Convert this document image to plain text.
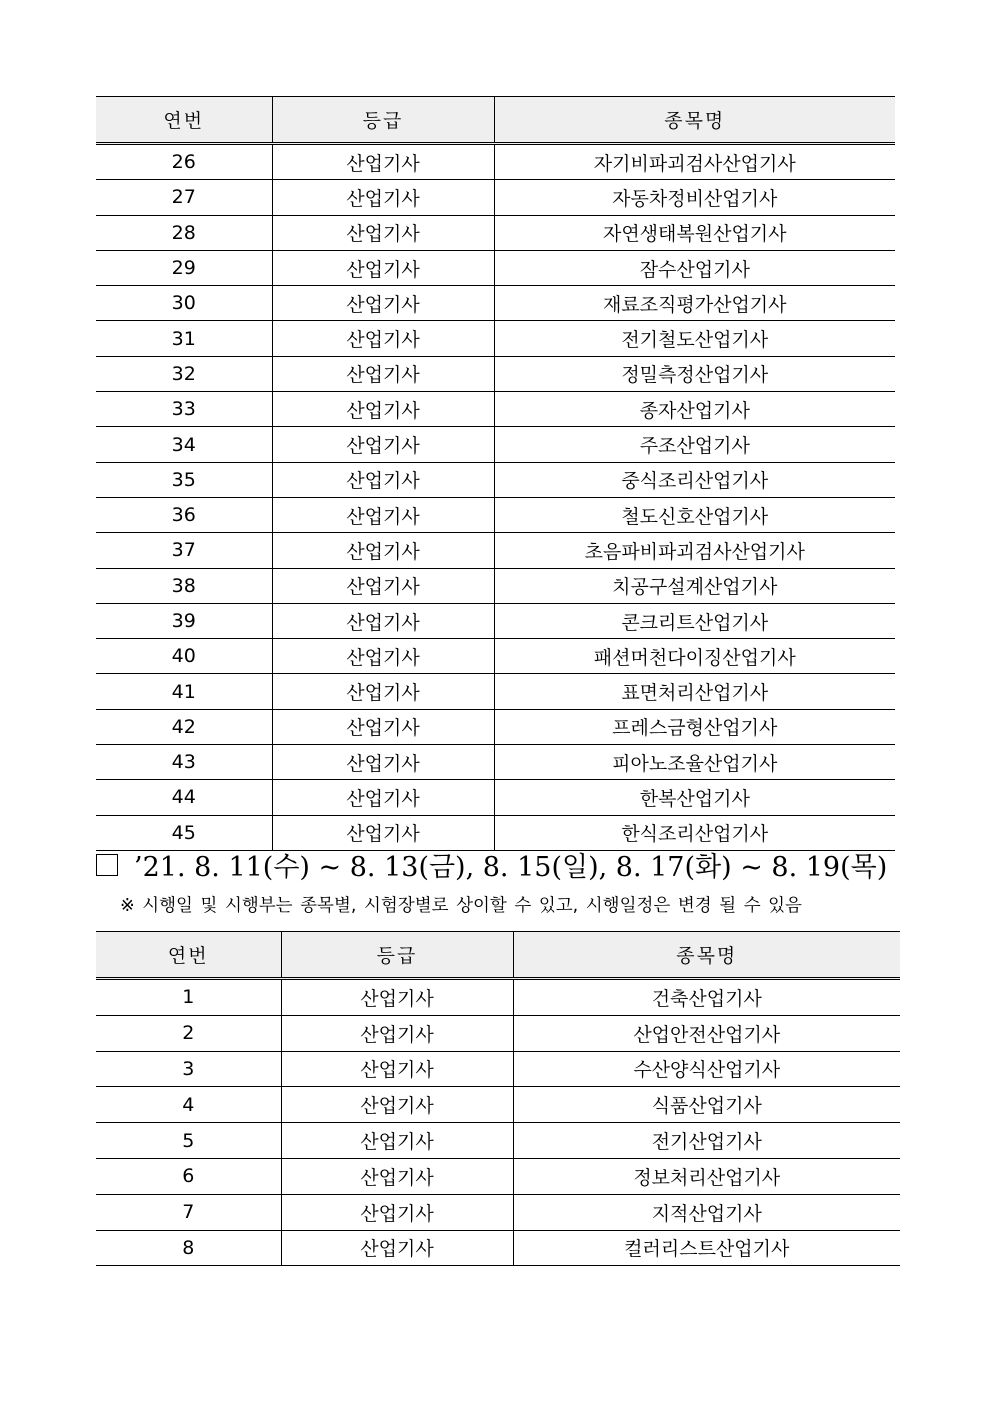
연번	등급	종목명
26	산업기사	자기비파괴검사산업기사
27	산업기사	자동차정비산업기사
28	산업기사	자연생태복원산업기사
29	산업기사	잠수산업기사
30	산업기사	재료조직평가산업기사
31	산업기사	전기철도산업기사
32	산업기사	정밀측정산업기사
33	산업기사	종자산업기사
34	산업기사	주조산업기사
35	산업기사	중식조리산업기사
36	산업기사	철도신호산업기사
37	산업기사	초음파비파괴검사산업기사
38	산업기사	치공구설계산업기사
39	산업기사	콘크리트산업기사
40	산업기사	패션머천다이징산업기사
41	산업기사	표면처리산업기사
42	산업기사	프레스금형산업기사
43	산업기사	피아노조율산업기사
44	산업기사	한복산업기사
45	산업기사	한식조리산업기사
’21. 8. 11(수) ~ 8. 13(금), 8. 15(일), 8. 17(화) ~ 8. 19(목)
※ 시행일 및 시행부는 종목별, 시험장별로 상이할 수 있고, 시행일정은 변경 될 수 있음
연번	등급	종목명
1	산업기사	건축산업기사
2	산업기사	산업안전산업기사
3	산업기사	수산양식산업기사
4	산업기사	식품산업기사
5	산업기사	전기산업기사
6	산업기사	정보처리산업기사
7	산업기사	지적산업기사
8	산업기사	컬러리스트산업기사
